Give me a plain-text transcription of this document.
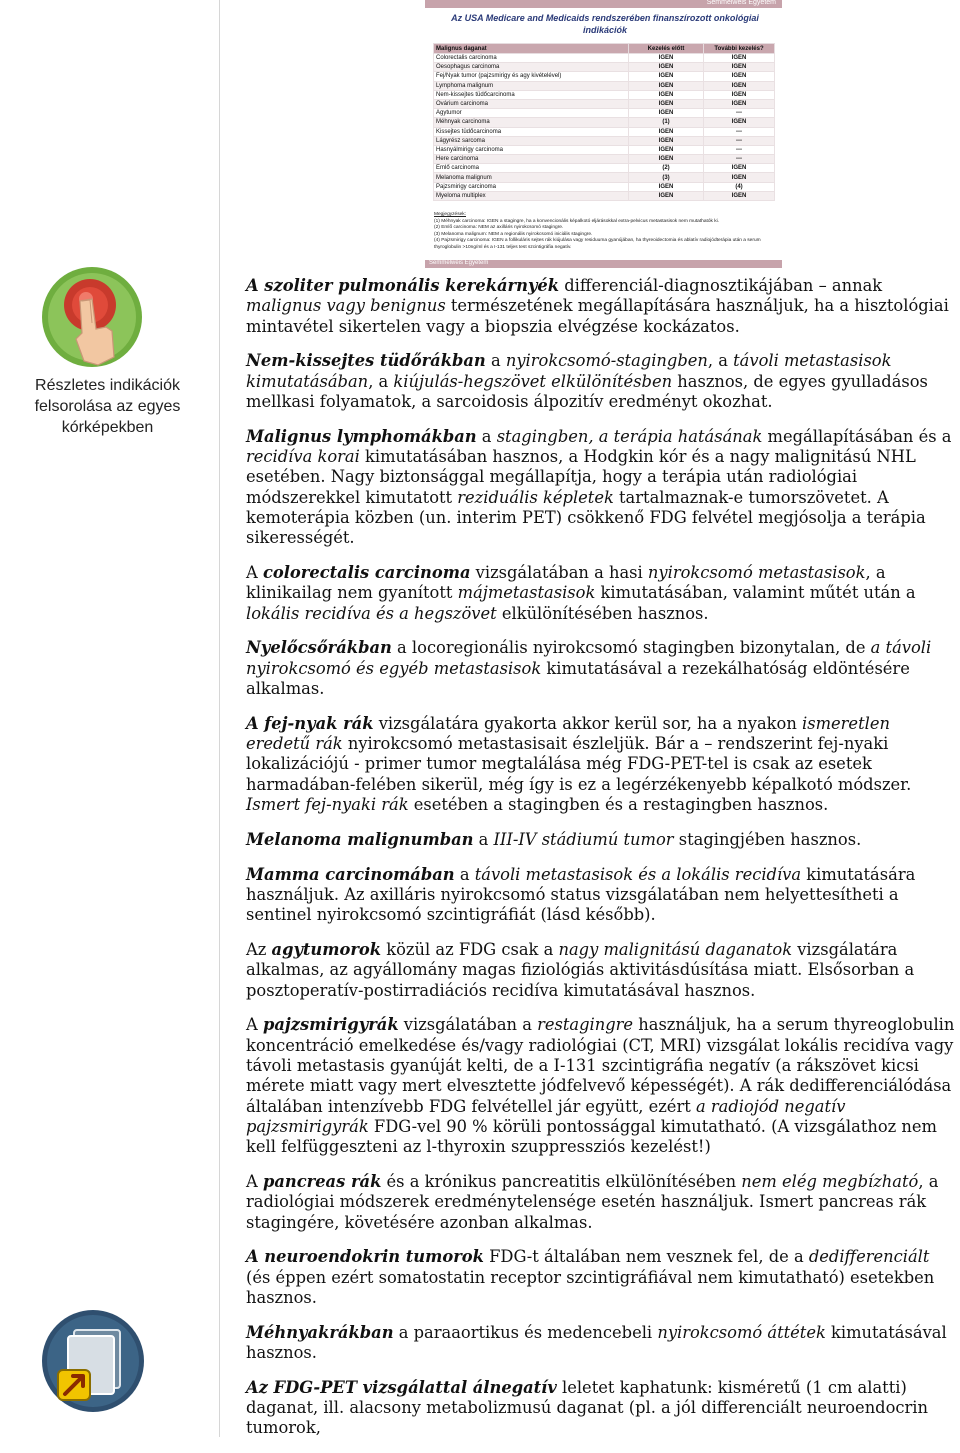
Részletes indikációk felsorolása az egyes kórképekben
Semmelweis Egyetem
Az USA Medicare and Medicaids rendszerében finanszírozott onkológiai indikációk
Malignus daganat	Kezelés előtt	További kezelés?
Colorectalis carcinoma	IGEN	IGEN
Oesophagus carcinoma	IGEN	IGEN
Fej/Nyak tumor (pajzsmirigy és agy kivételével)	IGEN	IGEN
Lymphoma malignum	IGEN	IGEN
Nem-kissejtes tüdőcarcinoma	IGEN	IGEN
Ovárium carcinoma	IGEN	IGEN
Agytumor	IGEN	---
Méhnyak carcinoma	(1)	IGEN
Kissejtes tüdőcarcinoma	IGEN	---
Lágyrész sarcoma	IGEN	---
Hasnyálmirigy carcinoma	IGEN	---
Here carcinoma	IGEN	---
Emlő carcinoma	(2)	IGEN
Melanoma malignum	(3)	IGEN
Pajzsmirigy carcinoma	IGEN	(4)
Myeloma multiplex	IGEN	IGEN
Megjegyzések:
(1) Méhnyak carcinoma: IGEN a stagingre, ha a konvencionális képalkotó eljárásokkal extra-pelvicus metastasisok nem mutathatók ki.
(2) Emlő carcinoma: NEM az axilláris nyirokcsomó stagingre.
(3) Melanoma malignum: NEM a regionális nyirokcsomó iniciális stagingre.
(4) Pajzsmirigy carcinoma: IGEN a follikuláris sejtes rák kiújulása vagy residuuma gyanújában, ha thyreoidectomia és ablatív radiojódterápia után a serum thyroglobulin >10ng/ml és a I-131 teljes test szcintigráfia negatív.
Semmelweis Egyetem

A szoliter pulmonális kerekárnyék differenciál-diagnosztikájában – annak malignus vagy benignus természetének megállapítására használjuk, ha a hisztológiai mintavétel sikertelen vagy a biopszia elvégzése kockázatos.

Nem-kissejtes tüdőrákban a nyirokcsomó-stagingben, a távoli metastasisok kimutatásában, a kiújulás-hegszövet elkülönítésben hasznos, de egyes gyulladásos mellkasi folyamatok, a sarcoidosis álpozitív eredményt okozhat.

Malignus lymphomákban a stagingben, a terápia hatásának megállapításában és a recidíva korai kimutatásában hasznos, a Hodgkin kór és a nagy malignitású NHL esetében. Nagy biztonsággal megállapítja, hogy a terápia után radiológiai módszerekkel kimutatott reziduális képletek tartalmaznak-e tumorszövetet. A kemoterápia közben (un. interim PET) csökkenő FDG felvétel megjósolja a terápia sikerességét.

A colorectalis carcinoma vizsgálatában a hasi nyirokcsomó metastasisok, a klinikailag nem gyanított májmetastasisok kimutatásában, valamint műtét után a lokális recidíva és a hegszövet elkülönítésében hasznos.

Nyelőcsőrákban a locoregionális nyirokcsomó stagingben bizonytalan, de a távoli nyirokcsomó és egyéb metastasisok kimutatásával a rezekálhatóság eldöntésére alkalmas.

A fej-nyak rák vizsgálatára gyakorta akkor kerül sor, ha a nyakon ismeretlen eredetű rák nyirokcsomó metastasisait észleljük. Bár a – rendszerint fej-nyaki lokalizációjú - primer tumor megtalálása még FDG-PET-tel is csak az esetek harmadában-felében sikerül, még így is ez a legérzékenyebb képalkotó módszer. Ismert fej-nyaki rák esetében a stagingben és a restagingben hasznos.

Melanoma malignumban a III-IV stádiumú tumor stagingjében hasznos.

Mamma carcinomában a távoli metastasisok és a lokális recidíva kimutatására használjuk. Az axilláris nyirokcsomó status vizsgálatában nem helyettesítheti a sentinel nyirokcsomó szcintigráfiát (lásd később).

Az agytumorok közül az FDG csak a nagy malignitású daganatok vizsgálatára alkalmas, az agyállomány magas fiziológiás aktivitásdúsítása miatt. Elsősorban a posztoperatív-postirradiációs recidíva kimutatásával hasznos.

A pajzsmirigyrák vizsgálatában a restagingre használjuk, ha a serum thyreoglobulin koncentráció emelkedése és/vagy radiológiai (CT, MRI) vizsgálat lokális recidíva vagy távoli metastasis gyanúját kelti, de a I-131 szcintigráfia negatív (a rákszövet kicsi mérete miatt vagy mert elvesztette jódfelvevő képességét). A rák dedifferenciálódása általában intenzívebb FDG felvétellel jár együtt, ezért a radiojód negatív pajzsmirigyrák FDG-vel 90 % körüli pontossággal kimutatható. (A vizsgálathoz nem kell felfüggeszteni az l-thyroxin szuppressziós kezelést!)

A pancreas rák és a krónikus pancreatitis elkülönítésében nem elég megbízható, a radiológiai módszerek eredménytelensége esetén használjuk. Ismert pancreas rák stagingére, követésére azonban alkalmas.

A neuroendokrin tumorok FDG-t általában nem vesznek fel, de a dedifferenciált (és éppen ezért somatostatin receptor szcintigráfiával nem kimutatható) esetekben hasznos.

Méhnyakrákban a paraaortikus és medencebeli nyirokcsomó áttétek kimutatásával hasznos.

Az FDG-PET vizsgálattal álnegatív leletet kaphatunk: kisméretű (1 cm alatti) daganat, ill. alacsony metabolizmusú daganat (pl. a jól differenciált neuroendocrin tumorok,
